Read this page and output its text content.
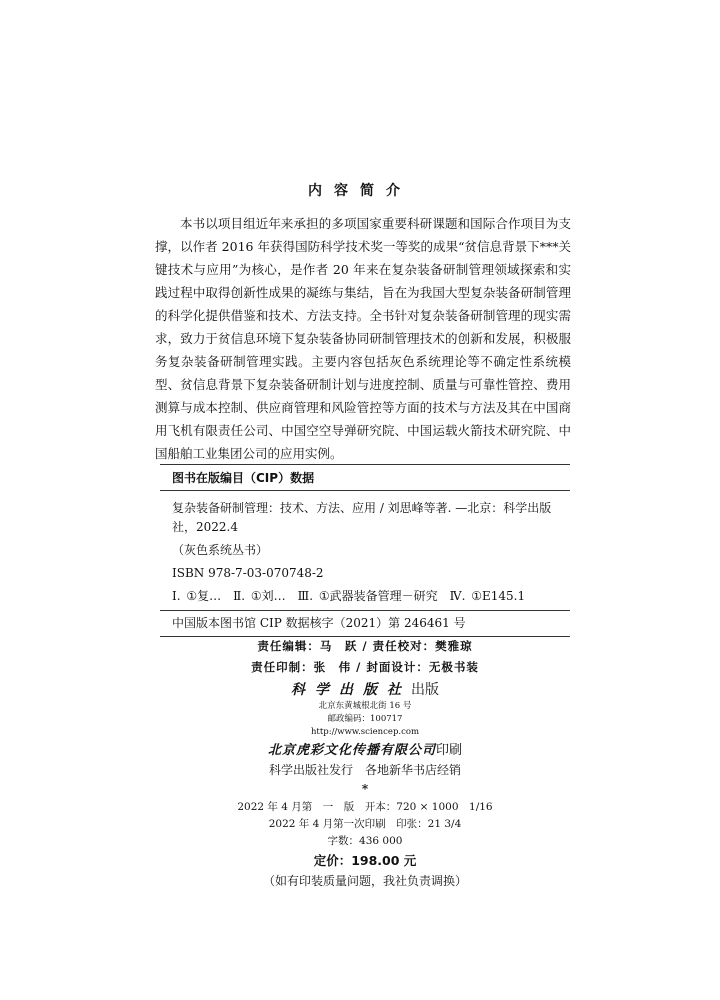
内容简介

本书以项目组近年来承担的多项国家重要科研课题和国际合作项目为支撑，以作者 2016 年获得国防科学技术奖一等奖的成果“贫信息背景下***关键技术与应用”为核心，是作者 20 年来在复杂装备研制管理领域探索和实践过程中取得创新性成果的凝练与集结，旨在为我国大型复杂装备研制管理的科学化提供借鉴和技术、方法支持。全书针对复杂装备研制管理的现实需求，致力于贫信息环境下复杂装备协同研制管理技术的创新和发展，积极服务复杂装备研制管理实践。主要内容包括灰色系统理论等不确定性系统模型、贫信息背景下复杂装备研制计划与进度控制、质量与可靠性管控、费用测算与成本控制、供应商管理和风险管控等方面的技术与方法及其在中国商用飞机有限责任公司、中国空空导弹研究院、中国运载火箭技术研究院、中国船舶工业集团公司的应用实例。

图书在版编目（CIP）数据

复杂装备研制管理：技术、方法、应用 / 刘思峰等著. —北京：科学出版社，2022.4

（灰色系统丛书）

ISBN 978-7-03-070748-2

Ⅰ. ①复…　Ⅱ. ①刘…　Ⅲ. ①武器装备管理－研究　Ⅳ. ①E145.1

中国版本图书馆 CIP 数据核字（2021）第 246461 号

责任编辑：马　跃 / 责任校对：樊雅琼

责任印制：张　伟 / 封面设计：无极书装

科学出版社出版

北京东黄城根北街 16 号

邮政编码：100717

http://www.sciencep.com

北京虎彩文化传播有限公司印刷

科学出版社发行　各地新华书店经销

*

2022 年 4 月第　一　版　开本：720 × 1000　1/16

2022 年 4 月第一次印刷　印张：21 3/4

字数：436 000

定价：198.00 元

（如有印装质量问题，我社负责调换）
